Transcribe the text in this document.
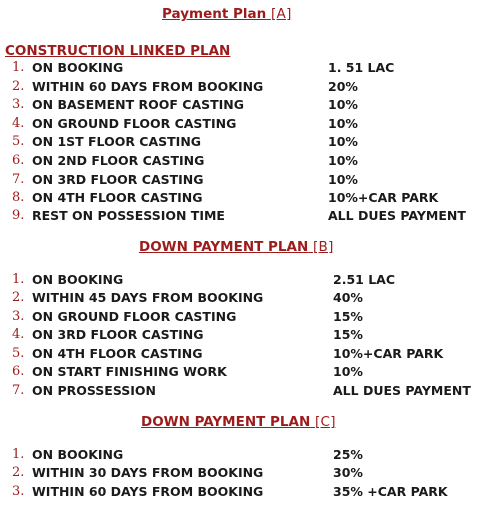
Payment Plan [A]
CONSTRUCTION LINKED PLAN
1. ON BOOKING	1. 51 LAC
2. WITHIN 60 DAYS FROM BOOKING	20%
3. ON BASEMENT ROOF CASTING	10%
4. ON GROUND FLOOR CASTING	10%
5. ON 1ST FLOOR CASTING	10%
6. ON 2ND FLOOR CASTING	10%
7. ON 3RD FLOOR CASTING	10%
8. ON 4TH FLOOR CASTING	10%+CAR PARK
9. REST ON POSSESSION TIME	ALL DUES PAYMENT
DOWN PAYMENT PLAN [B]
1. ON BOOKING	2.51 LAC
2. WITHIN 45 DAYS FROM BOOKING	40%
3. ON GROUND FLOOR CASTING	15%
4. ON 3RD FLOOR CASTING	15%
5. ON 4TH FLOOR CASTING	10%+CAR PARK
6. ON START FINISHING WORK	10%
7. ON PROSSESSION	ALL DUES PAYMENT
DOWN PAYMENT PLAN [C]
1. ON BOOKING	25%
2. WITHIN 30 DAYS FROM BOOKING	30%
3. WITHIN 60 DAYS FROM BOOKING	35% +CAR PARK
